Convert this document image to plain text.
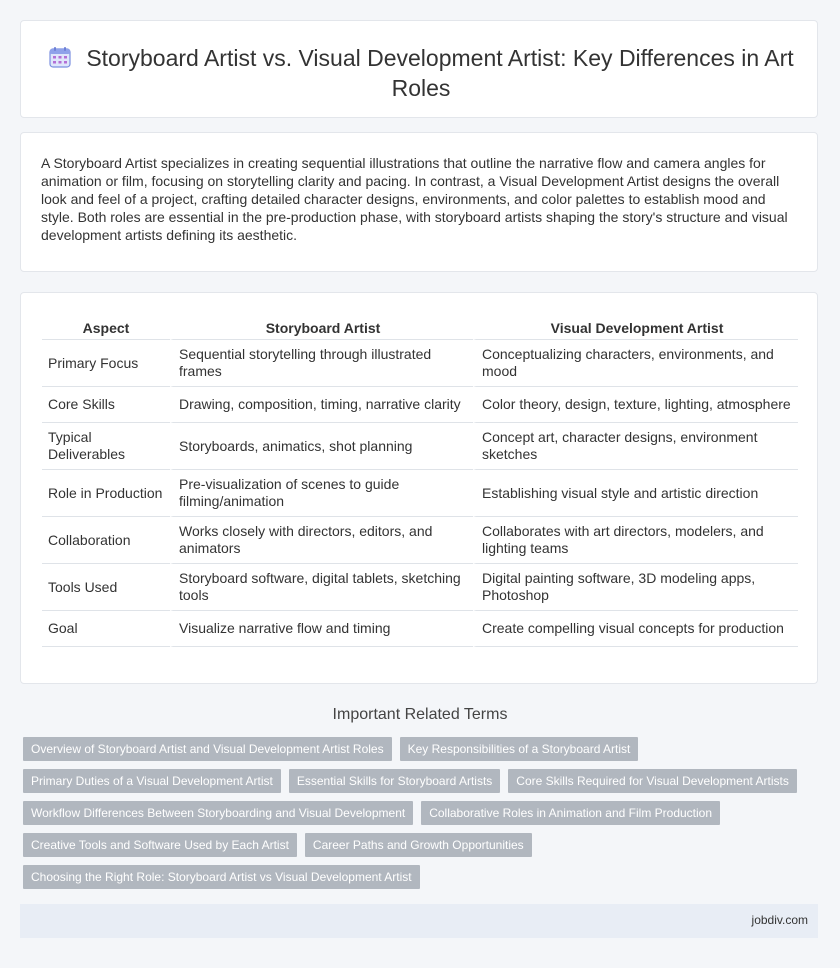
Storyboard Artist vs. Visual Development Artist: Key Differences in Art Roles

A Storyboard Artist specializes in creating sequential illustrations that outline the narrative flow and camera angles for animation or film, focusing on storytelling clarity and pacing. In contrast, a Visual Development Artist designs the overall look and feel of a project, crafting detailed character designs, environments, and color palettes to establish mood and style. Both roles are essential in the pre-production phase, with storyboard artists shaping the story's structure and visual development artists defining its aesthetic.

Aspect	Storyboard Artist	Visual Development Artist
Primary Focus	Sequential storytelling through illustrated frames	Conceptualizing characters, environments, and mood
Core Skills	Drawing, composition, timing, narrative clarity	Color theory, design, texture, lighting, atmosphere
Typical Deliverables	Storyboards, animatics, shot planning	Concept art, character designs, environment sketches
Role in Production	Pre-visualization of scenes to guide filming/animation	Establishing visual style and artistic direction
Collaboration	Works closely with directors, editors, and animators	Collaborates with art directors, modelers, and lighting teams
Tools Used	Storyboard software, digital tablets, sketching tools	Digital painting software, 3D modeling apps, Photoshop
Goal	Visualize narrative flow and timing	Create compelling visual concepts for production
Important Related Terms
Overview of Storyboard Artist and Visual Development Artist Roles	Key Responsibilities of a Storyboard Artist
Primary Duties of a Visual Development Artist	Essential Skills for Storyboard Artists	Core Skills Required for Visual Development Artists
Workflow Differences Between Storyboarding and Visual Development	Collaborative Roles in Animation and Film Production
Creative Tools and Software Used by Each Artist	Career Paths and Growth Opportunities
Choosing the Right Role: Storyboard Artist vs Visual Development Artist
jobdiv.com
